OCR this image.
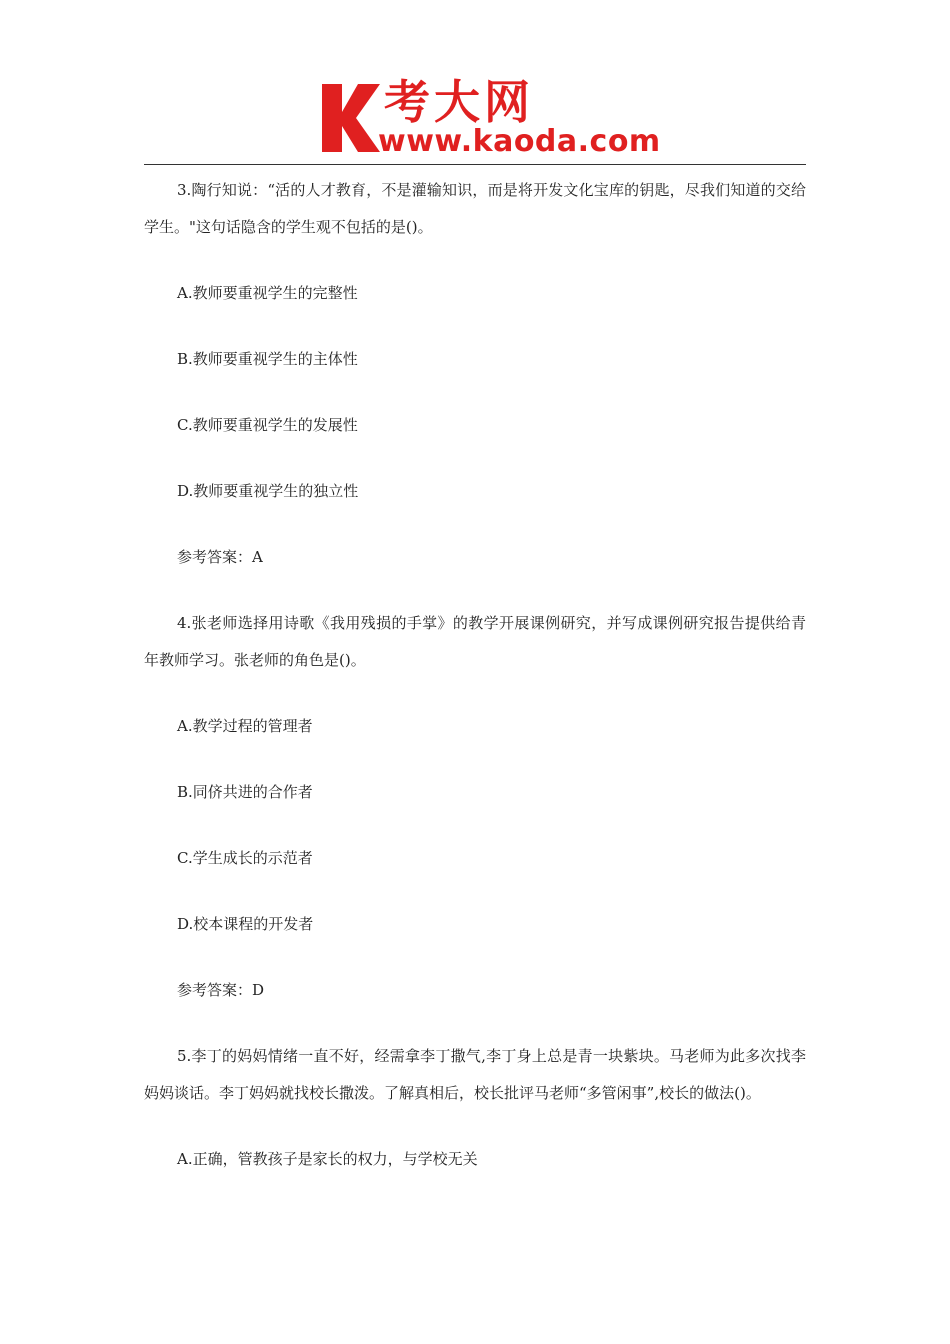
考大网
www.kaoda.com

3.陶行知说：“活的人才教育，不是灌输知识，而是将开发文化宝库的钥匙，尽我们知道的交给学生。"这句话隐含的学生观不包括的是()。

A.教师要重视学生的完整性

B.教师要重视学生的主体性

C.教师要重视学生的发展性

D.教师要重视学生的独立性

参考答案：A

4.张老师选择用诗歌《我用残损的手掌》的教学开展课例研究，并写成课例研究报告提供给青年教师学习。张老师的角色是()。

A.教学过程的管理者

B.同侪共进的合作者

C.学生成长的示范者

D.校本课程的开发者

参考答案：D

5.李丁的妈妈情绪一直不好，经需拿李丁撒气,李丁身上总是青一块紫块。马老师为此多次找李妈妈谈话。李丁妈妈就找校长撒泼。了解真相后，校长批评马老师“多管闲事”,校长的做法()。

A.正确，管教孩子是家长的权力，与学校无关
